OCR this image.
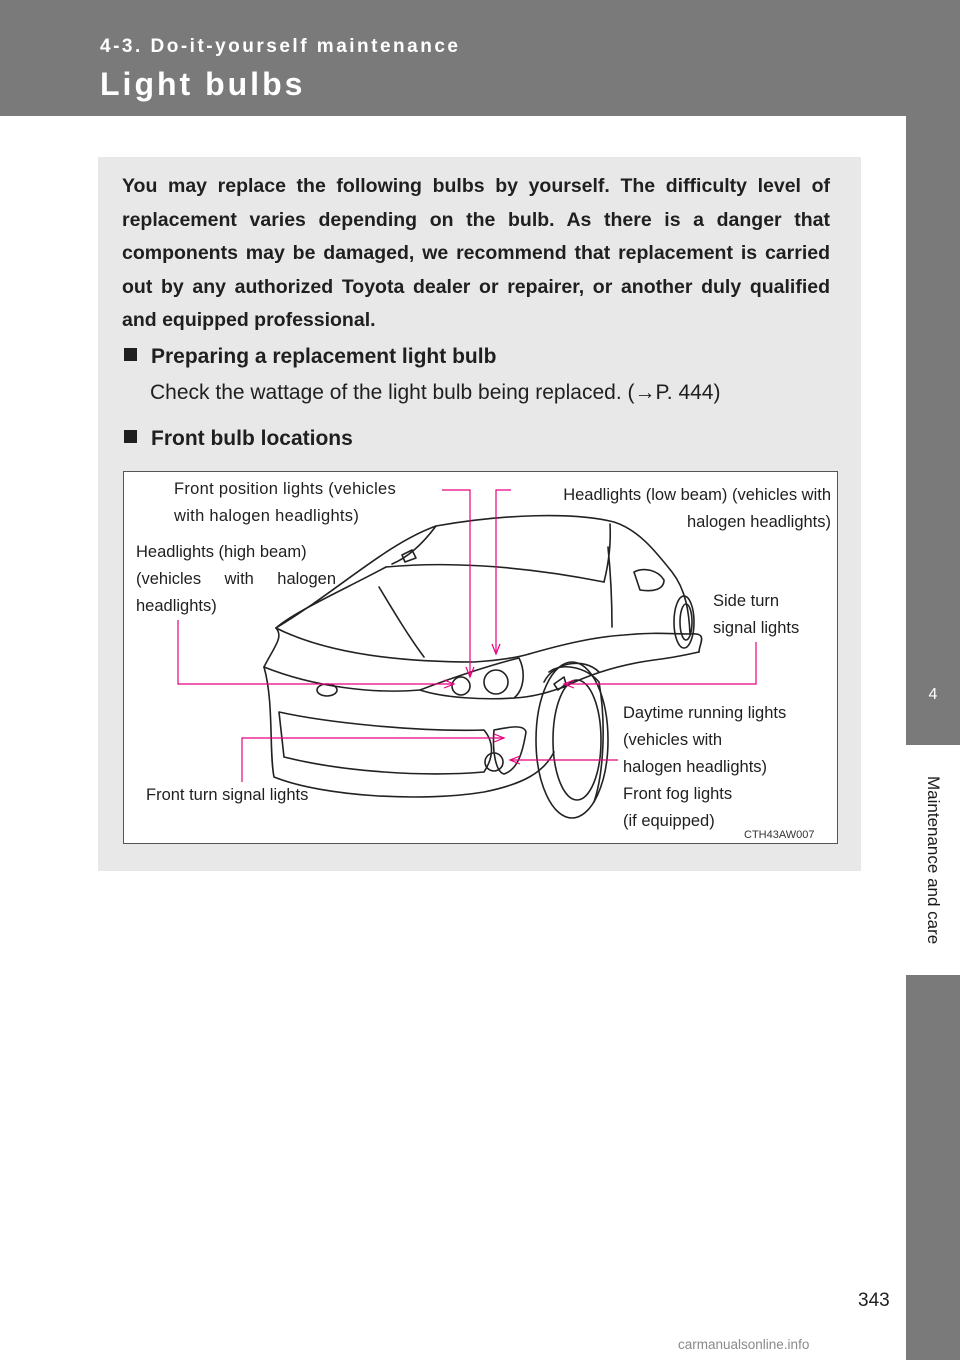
4-3. Do-it-yourself maintenance
Light bulbs
4
Maintenance and care
You may replace the following bulbs by yourself. The difficulty level of replacement varies depending on the bulb. As there is a danger that components may be damaged, we recommend that replacement is carried out by any authorized Toyota dealer or repairer, or another duly qualified and equipped professional.
Preparing a replacement light bulb
Check the wattage of the light bulb being replaced. (→P. 444)
Front bulb locations
Front position lights (vehicles
with halogen headlights)
Headlights (low beam) (vehicles with
halogen headlights)
Headlights (high beam)
(vehicles with halogen
headlights)	Side turn
signal lights
Daytime running lights
(vehicles with
halogen headlights)
Front fog lights
(if equipped)
Front turn signal lights
CTH43AW007
343
carmanualsonline.info
